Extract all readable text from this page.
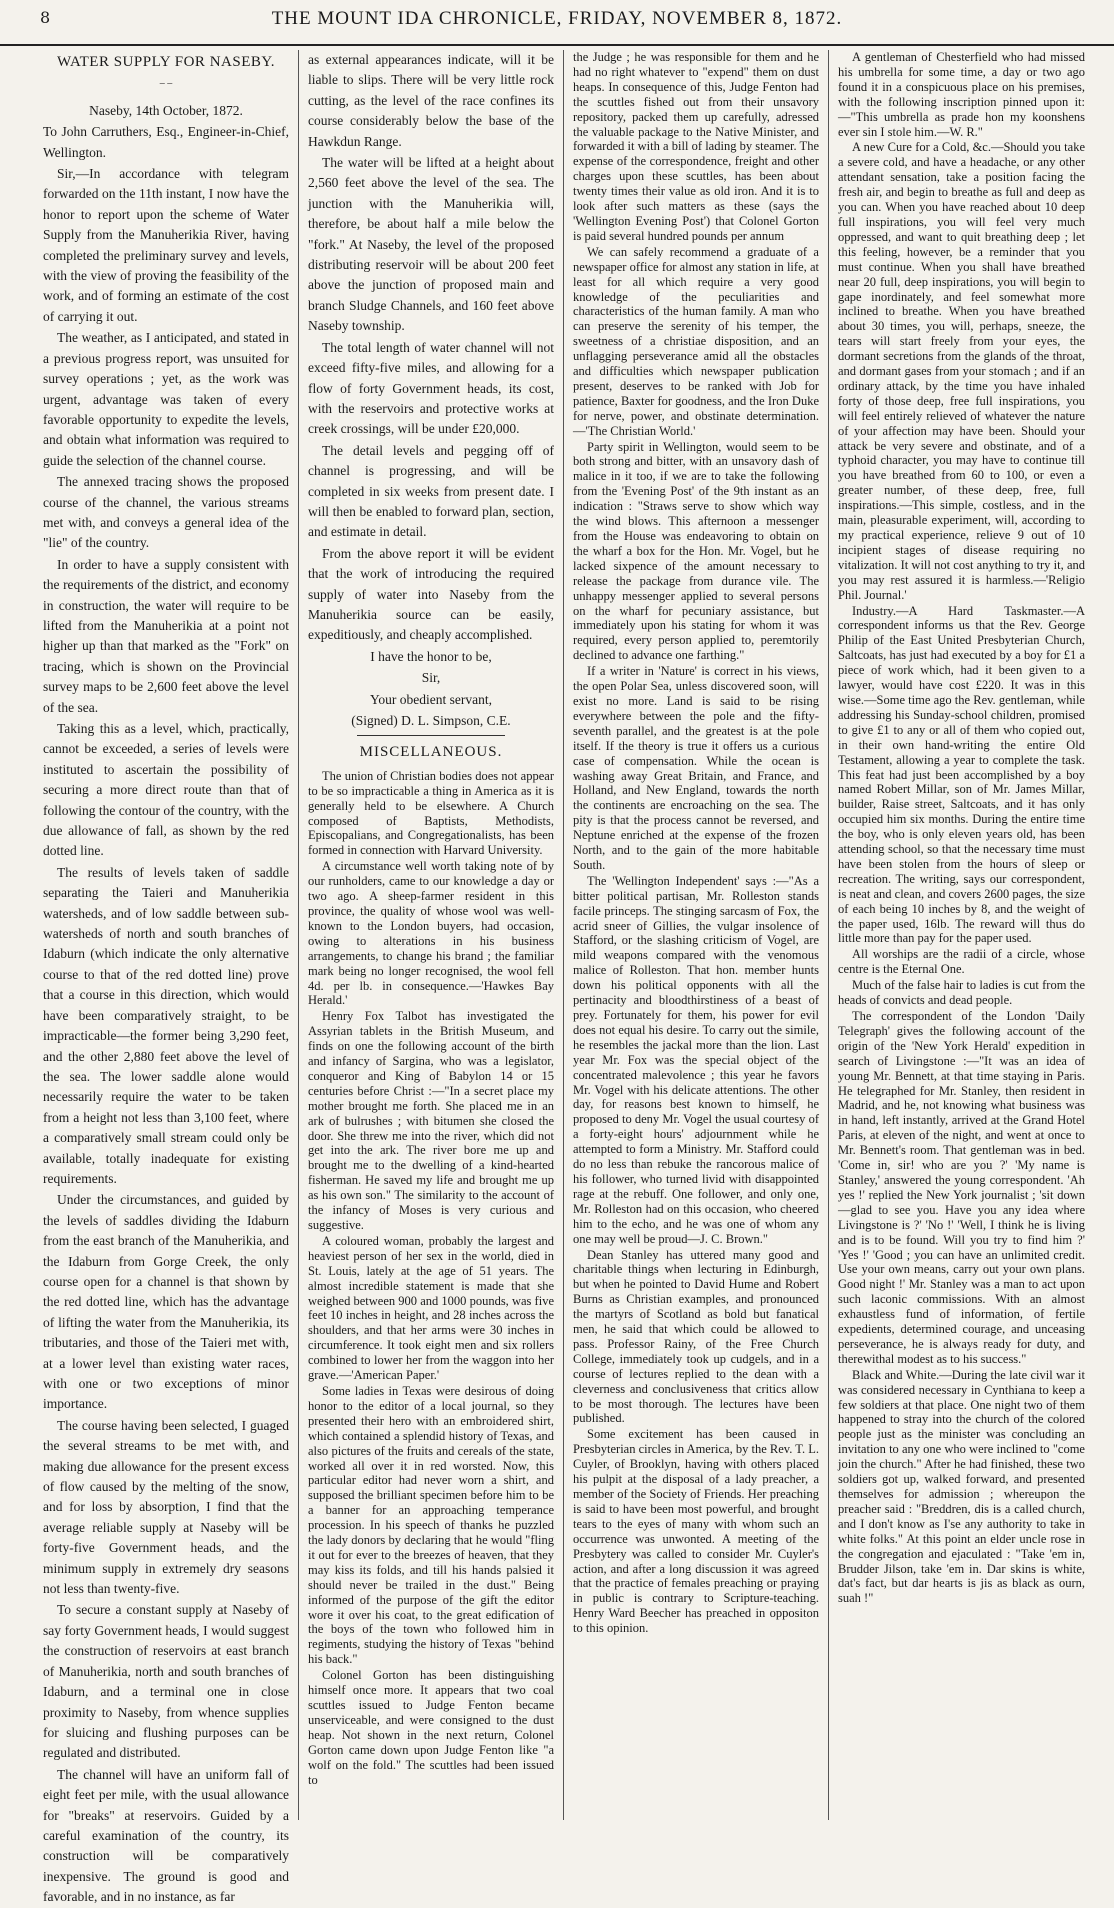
8	THE MOUNT IDA CHRONICLE, FRIDAY, NOVEMBER 8, 1872.
WATER SUPPLY FOR NASEBY.
– –

Naseby, 14th October, 1872.

To John Carruthers, Esq., Engineer-in-Chief, Wellington.

Sir,—In accordance with telegram forwarded on the 11th instant, I now have the honor to report upon the scheme of Water Supply from the Manuherikia River, having completed the preliminary survey and levels, with the view of proving the feasibility of the work, and of forming an estimate of the cost of carrying it out.

The weather, as I anticipated, and stated in a previous progress report, was unsuited for survey operations ; yet, as the work was urgent, advantage was taken of every favorable opportunity to expedite the levels, and obtain what information was required to guide the selection of the channel course.

The annexed tracing shows the proposed course of the channel, the various streams met with, and conveys a general idea of the "lie" of the country.

In order to have a supply consistent with the requirements of the district, and economy in construction, the water will require to be lifted from the Manuherikia at a point not higher up than that marked as the "Fork" on tracing, which is shown on the Provincial survey maps to be 2,600 feet above the level of the sea.

Taking this as a level, which, practically, cannot be exceeded, a series of levels were instituted to ascertain the possibility of securing a more direct route than that of following the contour of the country, with the due allowance of fall, as shown by the red dotted line.

The results of levels taken of saddle separating the Taieri and Manuherikia watersheds, and of low saddle between sub-watersheds of north and south branches of Idaburn (which indicate the only alternative course to that of the red dotted line) prove that a course in this direction, which would have been comparatively straight, to be impracticable—the former being 3,290 feet, and the other 2,880 feet above the level of the sea. The lower saddle alone would necessarily require the water to be taken from a height not less than 3,100 feet, where a comparatively small stream could only be available, totally inadequate for existing requirements.

Under the circumstances, and guided by the levels of saddles dividing the Idaburn from the east branch of the Manuherikia, and the Idaburn from Gorge Creek, the only course open for a channel is that shown by the red dotted line, which has the advantage of lifting the water from the Manuherikia, its tributaries, and those of the Taieri met with, at a lower level than existing water races, with one or two exceptions of minor importance.

The course having been selected, I guaged the several streams to be met with, and making due allowance for the present excess of flow caused by the melting of the snow, and for loss by absorption, I find that the average reliable supply at Naseby will be forty-five Government heads, and the minimum supply in extremely dry seasons not less than twenty-five.

To secure a constant supply at Naseby of say forty Government heads, I would suggest the construction of reservoirs at east branch of Manuherikia, north and south branches of Idaburn, and a terminal one in close proximity to Naseby, from whence supplies for sluicing and flushing purposes can be regulated and distributed.

The channel will have an uniform fall of eight feet per mile, with the usual allowance for "breaks" at reservoirs. Guided by a careful examination of the country, its construction will be comparatively inexpensive. The ground is good and favorable, and in no instance, as far

as external appearances indicate, will it be liable to slips. There will be very little rock cutting, as the level of the race confines its course considerably below the base of the Hawkdun Range.

The water will be lifted at a height about 2,560 feet above the level of the sea. The junction with the Manuherikia will, therefore, be about half a mile below the "fork." At Naseby, the level of the proposed distributing reservoir will be about 200 feet above the junction of proposed main and branch Sludge Channels, and 160 feet above Naseby township.

The total length of water channel will not exceed fifty-five miles, and allowing for a flow of forty Government heads, its cost, with the reservoirs and protective works at creek crossings, will be under £20,000.

The detail levels and pegging off of channel is progressing, and will be completed in six weeks from present date. I will then be enabled to forward plan, section, and estimate in detail.

From the above report it will be evident that the work of introducing the required supply of water into Naseby from the Manuherikia source can be easily, expeditiously, and cheaply accomplished.

I have the honor to be,

Sir,

Your obedient servant,

(Signed) D. L. Simpson, C.E.

MISCELLANEOUS.

The union of Christian bodies does not appear to be so impracticable a thing in America as it is generally held to be elsewhere. A Church composed of Baptists, Methodists, Episcopalians, and Congregationalists, has been formed in connection with Harvard University.

A circumstance well worth taking note of by our runholders, came to our knowledge a day or two ago. A sheep-farmer resident in this province, the quality of whose wool was well-known to the London buyers, had occasion, owing to alterations in his business arrangements, to change his brand ; the familiar mark being no longer recognised, the wool fell 4d. per lb. in consequence.—'Hawkes Bay Herald.'

Henry Fox Talbot has investigated the Assyrian tablets in the British Museum, and finds on one the following account of the birth and infancy of Sargina, who was a legislator, conqueror and King of Babylon 14 or 15 centuries before Christ :—"In a secret place my mother brought me forth. She placed me in an ark of bulrushes ; with bitumen she closed the door. She threw me into the river, which did not get into the ark. The river bore me up and brought me to the dwelling of a kind-hearted fisherman. He saved my life and brought me up as his own son." The similarity to the account of the infancy of Moses is very curious and suggestive.

A coloured woman, probably the largest and heaviest person of her sex in the world, died in St. Louis, lately at the age of 51 years. The almost incredible statement is made that she weighed between 900 and 1000 pounds, was five feet 10 inches in height, and 28 inches across the shoulders, and that her arms were 30 inches in circumference. It took eight men and six rollers combined to lower her from the waggon into her grave.—'American Paper.'

Some ladies in Texas were desirous of doing honor to the editor of a local journal, so they presented their hero with an embroidered shirt, which contained a splendid history of Texas, and also pictures of the fruits and cereals of the state, worked all over it in red worsted. Now, this particular editor had never worn a shirt, and supposed the brilliant specimen before him to be a banner for an approaching temperance procession. In his speech of thanks he puzzled the lady donors by declaring that he would "fling it out for ever to the breezes of heaven, that they may kiss its folds, and till his hands palsied it should never be trailed in the dust." Being informed of the purpose of the gift the editor wore it over his coat, to the great edification of the boys of the town who followed him in regiments, studying the history of Texas "behind his back."

Colonel Gorton has been distinguishing himself once more. It appears that two coal scuttles issued to Judge Fenton became unserviceable, and were consigned to the dust heap. Not shown in the next return, Colonel Gorton came down upon Judge Fenton like "a wolf on the fold." The scuttles had been issued to

the Judge ; he was responsible for them and he had no right whatever to "expend" them on dust heaps. In consequence of this, Judge Fenton had the scuttles fished out from their unsavory repository, packed them up carefully, adressed the valuable package to the Native Minister, and forwarded it with a bill of lading by steamer. The expense of the correspondence, freight and other charges upon these scuttles, has been about twenty times their value as old iron. And it is to look after such matters as these (says the 'Wellington Evening Post') that Colonel Gorton is paid several hundred pounds per annum

We can safely recommend a graduate of a newspaper office for almost any station in life, at least for all which require a very good knowledge of the peculiarities and characteristics of the human family. A man who can preserve the serenity of his temper, the sweetness of a christiae disposition, and an unflagging perseverance amid all the obstacles and difficulties which newspaper publication present, deserves to be ranked with Job for patience, Baxter for goodness, and the Iron Duke for nerve, power, and obstinate determination.—'The Christian World.'

Party spirit in Wellington, would seem to be both strong and bitter, with an unsavory dash of malice in it too, if we are to take the following from the 'Evening Post' of the 9th instant as an indication : "Straws serve to show which way the wind blows. This afternoon a messenger from the House was endeavoring to obtain on the wharf a box for the Hon. Mr. Vogel, but he lacked sixpence of the amount necessary to release the package from durance vile. The unhappy messenger applied to several persons on the wharf for pecuniary assistance, but immediately upon his stating for whom it was required, every person applied to, peremtorily declined to advance one farthing."

If a writer in 'Nature' is correct in his views, the open Polar Sea, unless discovered soon, will exist no more. Land is said to be rising everywhere between the pole and the fifty-seventh parallel, and the greatest is at the pole itself. If the theory is true it offers us a curious case of compensation. While the ocean is washing away Great Britain, and France, and Holland, and New England, towards the north the continents are encroaching on the sea. The pity is that the process cannot be reversed, and Neptune enriched at the expense of the frozen North, and to the gain of the more habitable South.

The 'Wellington Independent' says :—"As a bitter political partisan, Mr. Rolleston stands facile princeps. The stinging sarcasm of Fox, the acrid sneer of Gillies, the vulgar insolence of Stafford, or the slashing criticism of Vogel, are mild weapons compared with the venomous malice of Rolleston. That hon. member hunts down his political opponents with all the pertinacity and bloodthirstiness of a beast of prey. Fortunately for them, his power for evil does not equal his desire. To carry out the simile, he resembles the jackal more than the lion. Last year Mr. Fox was the special object of the concentrated malevolence ; this year he favors Mr. Vogel with his delicate attentions. The other day, for reasons best known to himself, he proposed to deny Mr. Vogel the usual courtesy of a forty-eight hours' adjournment while he attempted to form a Ministry. Mr. Stafford could do no less than rebuke the rancorous malice of his follower, who turned livid with disappointed rage at the rebuff. One follower, and only one, Mr. Rolleston had on this occasion, who cheered him to the echo, and he was one of whom any one may well be proud—J. C. Brown."

Dean Stanley has uttered many good and charitable things when lecturing in Edinburgh, but when he pointed to David Hume and Robert Burns as Christian examples, and pronounced the martyrs of Scotland as bold but fanatical men, he said that which could be allowed to pass. Professor Rainy, of the Free Church College, immediately took up cudgels, and in a course of lectures replied to the dean with a cleverness and conclusiveness that critics allow to be most thorough. The lectures have been published.

Some excitement has been caused in Presbyterian circles in America, by the Rev. T. L. Cuyler, of Brooklyn, having with others placed his pulpit at the disposal of a lady preacher, a member of the Society of Friends. Her preaching is said to have been most powerful, and brought tears to the eyes of many with whom such an occurrence was unwonted. A meeting of the Presbytery was called to consider Mr. Cuyler's action, and after a long discussion it was agreed that the practice of females preaching or praying in public is contrary to Scripture-teaching. Henry Ward Beecher has preached in oppositon to this opinion.

A gentleman of Chesterfield who had missed his umbrella for some time, a day or two ago found it in a conspicuous place on his premises, with the following inscription pinned upon it:—"This umbrella as prade hon my koonshens ever sin I stole him.—W. R."

A new Cure for a Cold, &c.—Should you take a severe cold, and have a headache, or any other attendant sensation, take a position facing the fresh air, and begin to breathe as full and deep as you can. When you have reached about 10 deep full inspirations, you will feel very much oppressed, and want to quit breathing deep ; let this feeling, however, be a reminder that you must continue. When you shall have breathed near 20 full, deep inspirations, you will begin to gape inordinately, and feel somewhat more inclined to breathe. When you have breathed about 30 times, you will, perhaps, sneeze, the tears will start freely from your eyes, the dormant secretions from the glands of the throat, and dormant gases from your stomach ; and if an ordinary attack, by the time you have inhaled forty of those deep, free full inspirations, you will feel entirely relieved of whatever the nature of your affection may have been. Should your attack be very severe and obstinate, and of a typhoid character, you may have to continue till you have breathed from 60 to 100, or even a greater number, of these deep, free, full inspirations.—This simple, costless, and in the main, pleasurable experiment, will, according to my practical experience, relieve 9 out of 10 incipient stages of disease requiring no vitalization. It will not cost anything to try it, and you may rest assured it is harmless.—'Religio Phil. Journal.'

Industry.—A Hard Taskmaster.—A correspondent informs us that the Rev. George Philip of the East United Presbyterian Church, Saltcoats, has just had executed by a boy for £1 a piece of work which, had it been given to a lawyer, would have cost £220. It was in this wise.—Some time ago the Rev. gentleman, while addressing his Sunday-school children, promised to give £1 to any or all of them who copied out, in their own hand-writing the entire Old Testament, allowing a year to complete the task. This feat had just been accomplished by a boy named Robert Millar, son of Mr. James Millar, builder, Raise street, Saltcoats, and it has only occupied him six months. During the entire time the boy, who is only eleven years old, has been attending school, so that the necessary time must have been stolen from the hours of sleep or recreation. The writing, says our correspondent, is neat and clean, and covers 2600 pages, the size of each being 10 inches by 8, and the weight of the paper used, 16lb. The reward will thus do little more than pay for the paper used.

All worships are the radii of a circle, whose centre is the Eternal One.

Much of the false hair to ladies is cut from the heads of convicts and dead people.

The correspondent of the London 'Daily Telegraph' gives the following account of the origin of the 'New York Herald' expedition in search of Livingstone :—"It was an idea of young Mr. Bennett, at that time staying in Paris. He telegraphed for Mr. Stanley, then resident in Madrid, and he, not knowing what business was in hand, left instantly, arrived at the Grand Hotel Paris, at eleven of the night, and went at once to Mr. Bennett's room. That gentleman was in bed. 'Come in, sir! who are you ?' 'My name is Stanley,' answered the young correspondent. 'Ah yes !' replied the New York journalist ; 'sit down—glad to see you. Have you any idea where Livingstone is ?' 'No !' 'Well, I think he is living and is to be found. Will you try to find him ?' 'Yes !' 'Good ; you can have an unlimited credit. Use your own means, carry out your own plans. Good night !' Mr. Stanley was a man to act upon such laconic commissions. With an almost exhaustless fund of information, of fertile expedients, determined courage, and unceasing perseverance, he is always ready for duty, and therewithal modest as to his success."

Black and White.—During the late civil war it was considered necessary in Cynthiana to keep a few soldiers at that place. One night two of them happened to stray into the church of the colored people just as the minister was concluding an invitation to any one who were inclined to "come join the church." After he had finished, these two soldiers got up, walked forward, and presented themselves for admission ; whereupon the preacher said : "Breddren, dis is a called church, and I don't know as I'se any authority to take in white folks." At this point an elder uncle rose in the congregation and ejaculated : "Take 'em in, Brudder Jilson, take 'em in. Dar skins is white, dat's fact, but dar hearts is jis as black as ourn, suah !"
